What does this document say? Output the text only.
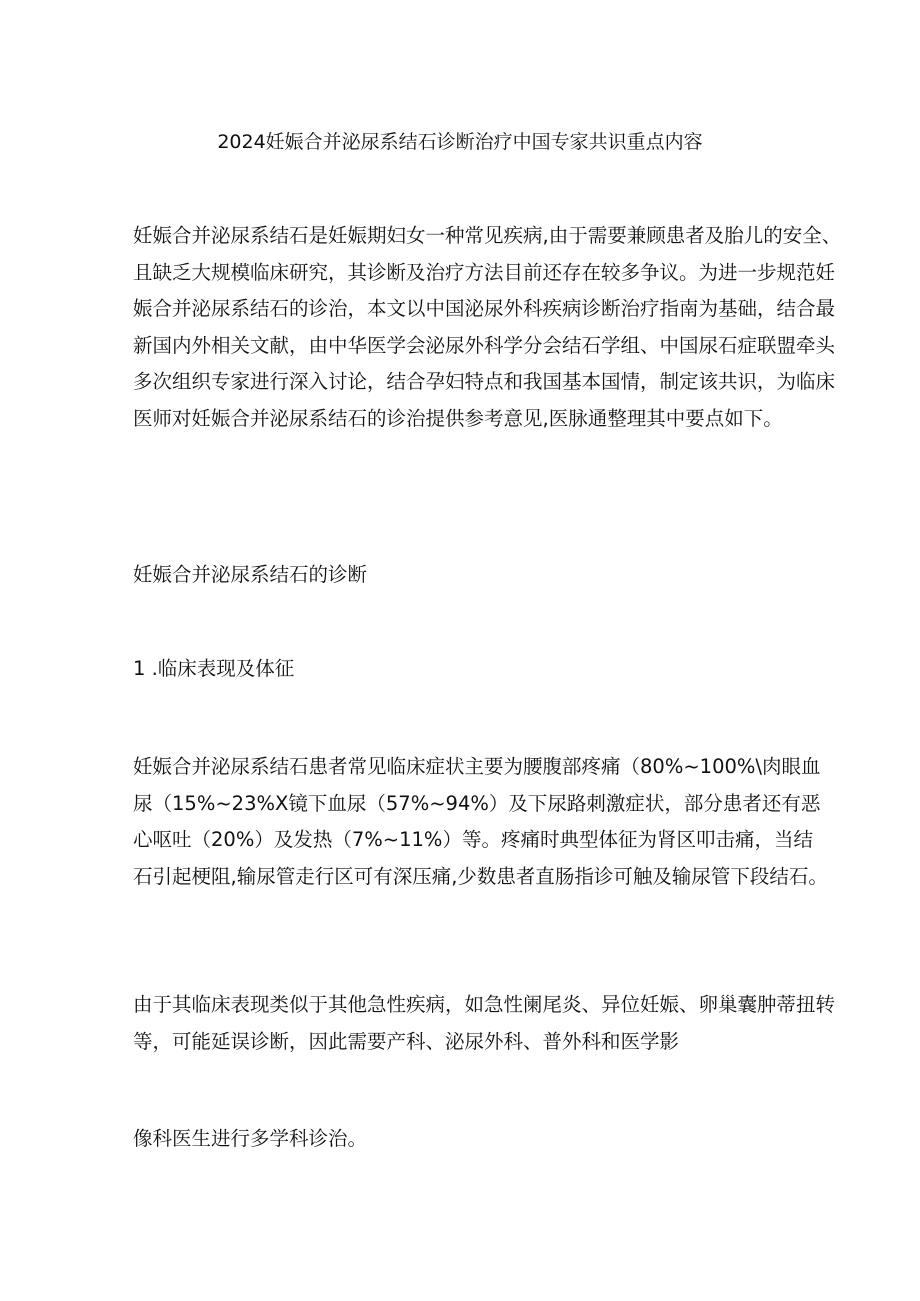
2024妊娠合并泌尿系结石诊断治疗中国专家共识重点内容
妊娠合并泌尿系结石是妊娠期妇女一种常见疾病,由于需要兼顾患者及胎儿的安全、
且缺乏大规模临床研究，其诊断及治疗方法目前还存在较多争议。为进一步规范妊
娠合并泌尿系结石的诊治，本文以中国泌尿外科疾病诊断治疗指南为基础，结合最
新国内外相关文献，由中华医学会泌尿外科学分会结石学组、中国尿石症联盟牵头
多次组织专家进行深入讨论，结合孕妇特点和我国基本国情，制定该共识，为临床
医师对妊娠合并泌尿系结石的诊治提供参考意见,医脉通整理其中要点如下。
妊娠合并泌尿系结石的诊断
1 .临床表现及体征
妊娠合并泌尿系结石患者常见临床症状主要为腰腹部疼痛（80%~100%\肉眼血
尿（15%~23%X镜下血尿（57%~94%）及下尿路刺激症状，部分患者还有恶
心呕吐（20%）及发热（7%~11%）等。疼痛时典型体征为肾区叩击痛，当结
石引起梗阻,输尿管走行区可有深压痛,少数患者直肠指诊可触及输尿管下段结石。
由于其临床表现类似于其他急性疾病，如急性阑尾炎、异位妊娠、卵巢囊肿蒂扭转
等，可能延误诊断，因此需要产科、泌尿外科、普外科和医学影
像科医生进行多学科诊治。
